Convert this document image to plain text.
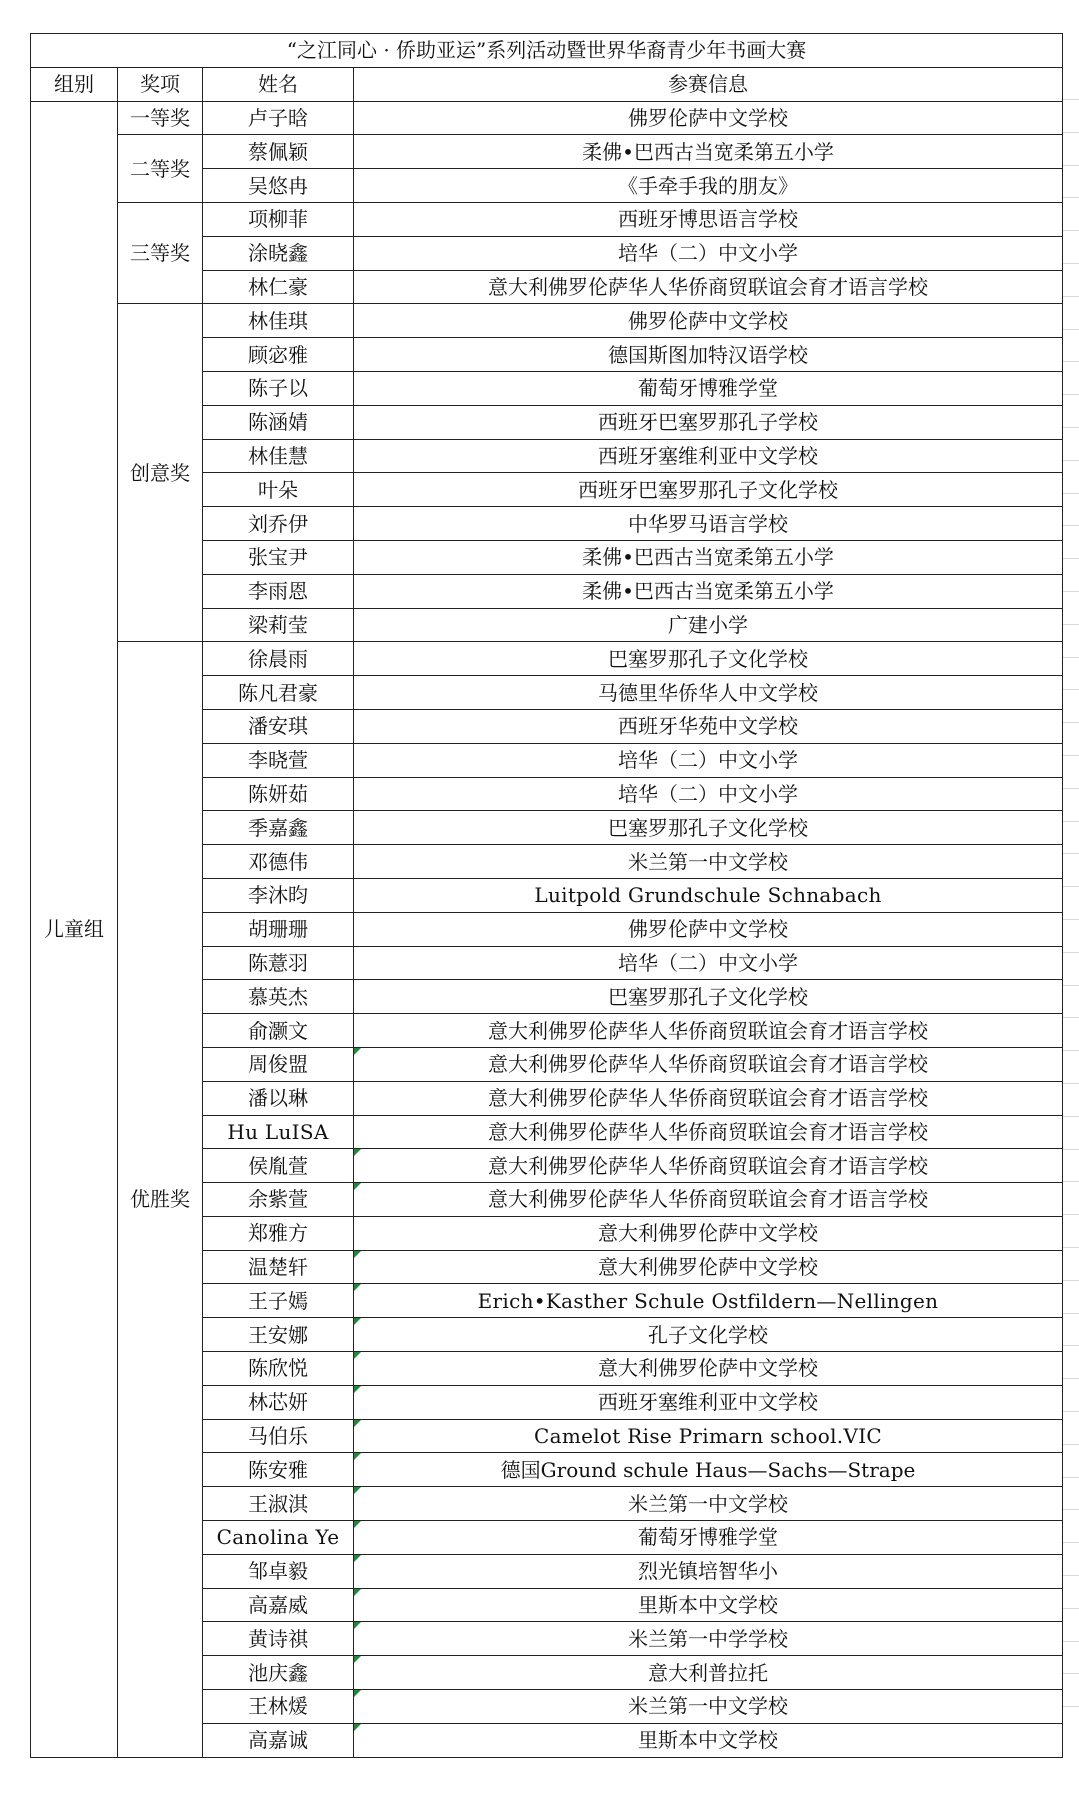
“之江同心 · 侨助亚运”系列活动暨世界华裔青少年书画大赛			
组别	奖项	姓名	参赛信息
儿童组	一等奖	卢子晗	佛罗伦萨中文学校
	二等奖	蔡佩颖	柔佛•巴西古当宽柔第五小学
		吴悠冉	《手牵手我的朋友》
	三等奖	项柳菲	西班牙博思语言学校
		涂晓鑫	培华（二）中文小学
		林仁豪	意大利佛罗伦萨华人华侨商贸联谊会育才语言学校
	创意奖	林佳琪	佛罗伦萨中文学校
		顾宓雅	德国斯图加特汉语学校
		陈子以	葡萄牙博雅学堂
		陈涵婧	西班牙巴塞罗那孔子学校
		林佳慧	西班牙塞维利亚中文学校
		叶朵	西班牙巴塞罗那孔子文化学校
		刘乔伊	中华罗马语言学校
		张宝尹	柔佛•巴西古当宽柔第五小学
		李雨恩	柔佛•巴西古当宽柔第五小学
		梁莉莹	广建小学
	优胜奖	徐晨雨	巴塞罗那孔子文化学校
		陈凡君豪	马德里华侨华人中文学校
		潘安琪	西班牙华苑中文学校
		李晓萱	培华（二）中文小学
		陈妍茹	培华（二）中文小学
		季嘉鑫	巴塞罗那孔子文化学校
		邓德伟	米兰第一中文学校
		李沐昀	Luitpold Grundschule Schnabach
		胡珊珊	佛罗伦萨中文学校
		陈薏羽	培华（二）中文小学
		慕英杰	巴塞罗那孔子文化学校
		俞灏文	意大利佛罗伦萨华人华侨商贸联谊会育才语言学校
		周俊盟	意大利佛罗伦萨华人华侨商贸联谊会育才语言学校

		潘以琳	意大利佛罗伦萨华人华侨商贸联谊会育才语言学校
		Hu LuISA	意大利佛罗伦萨华人华侨商贸联谊会育才语言学校
		侯胤萱	意大利佛罗伦萨华人华侨商贸联谊会育才语言学校

		余紫萱	意大利佛罗伦萨华人华侨商贸联谊会育才语言学校

		郑雅方	意大利佛罗伦萨中文学校
		温楚轩	意大利佛罗伦萨中文学校

		王子嫣	Erich•Kasther Schule Ostfildern—Nellingen

		王安娜	孔子文化学校

		陈欣悦	意大利佛罗伦萨中文学校

		林芯妍	西班牙塞维利亚中文学校

		马伯乐	Camelot Rise Primarn school.VIC

		陈安雅	德国Ground schule Haus—Sachs—Strape

		王淑淇	米兰第一中文学校

		Canolina Ye	葡萄牙博雅学堂

		邹卓毅	烈光镇培智华小

		高嘉威	里斯本中文学校

		黄诗祺	米兰第一中学学校

		池庆鑫	意大利普拉托

		王林煖	米兰第一中文学校

		高嘉诚	里斯本中文学校
